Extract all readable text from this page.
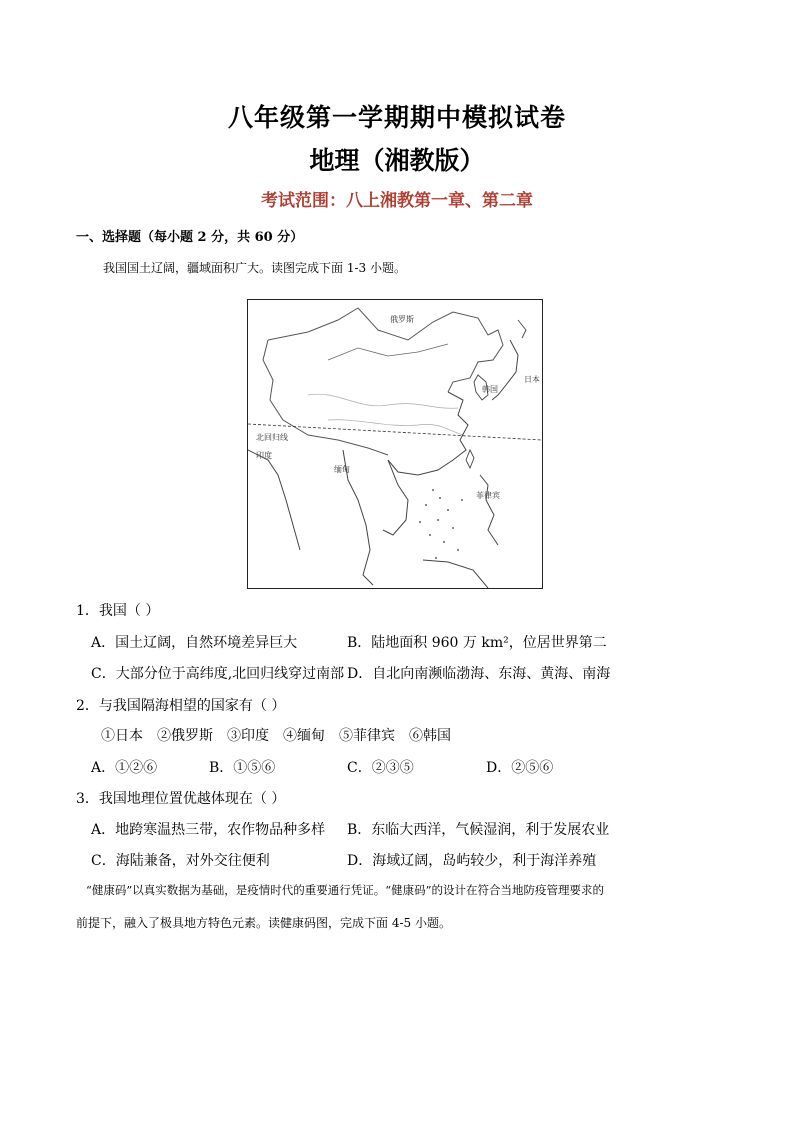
八年级第一学期期中模拟试卷
地理（湘教版）
考试范围：八上湘教第一章、第二章
一、选择题（每小题 2 分，共 60 分）
我国国土辽阔，疆域面积广大。读图完成下面 1-3 小题。
俄罗斯
日本
韩国
北回归线
印度
缅甸
菲律宾
1．我国（ ）
A．国土辽阔，自然环境差异巨大	B．陆地面积 960 万 km²，位居世界第二
C．大部分位于高纬度,北回归线穿过南部 D．自北向南濒临渤海、东海、黄海、南海
2．与我国隔海相望的国家有（ ）
①日本　②俄罗斯　③印度　④缅甸　⑤菲律宾　⑥韩国
A．①②⑥	B．①⑤⑥	C．②③⑤	D．②⑤⑥
3．我国地理位置优越体现在（ ）
A．地跨寒温热三带，农作物品种多样 B．东临大西洋，气候湿润，利于发展农业
C．海陆兼备，对外交往便利	D．海域辽阔，岛屿较少，利于海洋养殖
“健康码”以真实数据为基础，是疫情时代的重要通行凭证。“健康码”的设计在符合当地防疫管理要求的
前提下，融入了极具地方特色元素。读健康码图，完成下面 4-5 小题。
